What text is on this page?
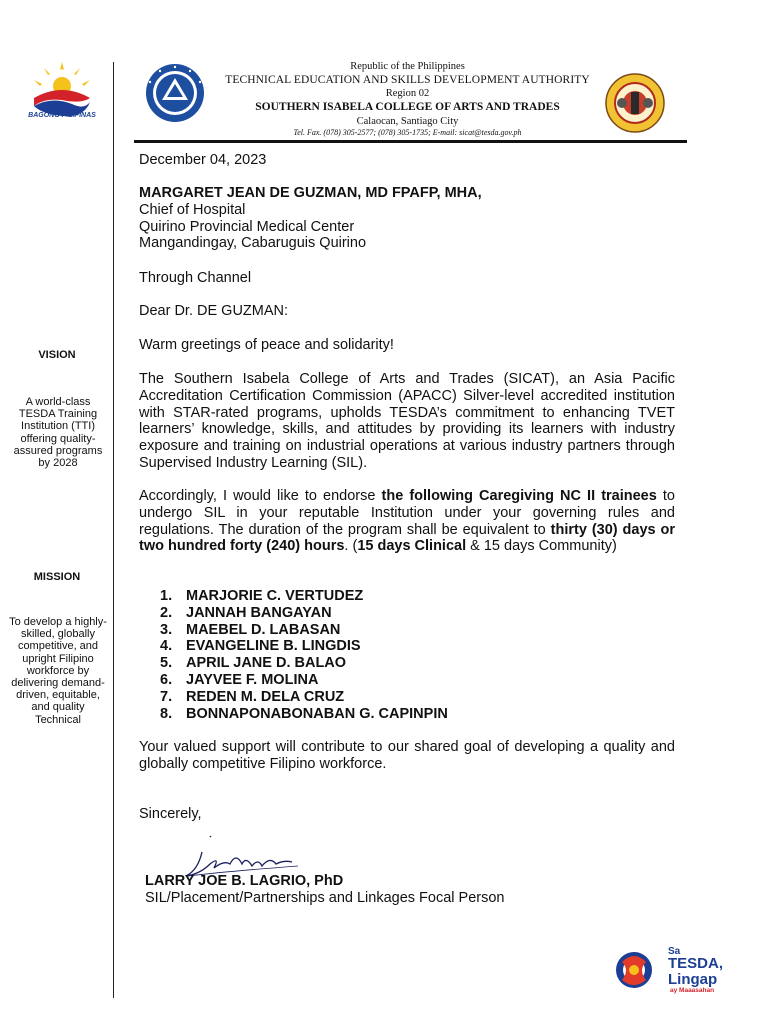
BAGONG PILIPINAS
Republic of the Philippines
TECHNICAL EDUCATION AND SKILLS DEVELOPMENT AUTHORITY
Region 02
SOUTHERN ISABELA COLLEGE OF ARTS AND TRADES
Calaocan, Santiago City
Tel. Fax. (078) 305-2577; (078) 305-1735; E-mail: sicat@tesda.gov.ph
VISION
A world-class TESDA Training Institution (TTI) offering quality-assured programs by 2028
MISSION
To develop a highly-skilled, globally competitive, and upright Filipino workforce by delivering demand-driven, equitable, and quality Technical
December 04, 2023
MARGARET JEAN DE GUZMAN, MD FPAFP, MHA,
Chief of Hospital
Quirino Provincial Medical Center
Mangandingay, Cabaruguis Quirino
Through Channel
Dear Dr. DE GUZMAN:
Warm greetings of peace and solidarity!
The Southern Isabela College of Arts and Trades (SICAT), an Asia Pacific Accreditation Certification Commission (APACC) Silver-level accredited institution with STAR-rated programs, upholds TESDA’s commitment to enhancing TVET learners’ knowledge, skills, and attitudes by providing its learners with industry exposure and training on industrial operations at various industry partners through Supervised Industry Learning (SIL).
Accordingly, I would like to endorse the following Caregiving NC II trainees to undergo SIL in your reputable Institution under your governing rules and regulations. The duration of the program shall be equivalent to thirty (30) days or two hundred forty (240) hours. (15 days Clinical & 15 days Community)
1. MARJORIE C. VERTUDEZ
2. JANNAH BANGAYAN
3. MAEBEL D. LABASAN
4. EVANGELINE B. LINGDIS
5. APRIL JANE D. BALAO
6. JAYVEE F. MOLINA
7. REDEN M. DELA CRUZ
8. BONNAPONABONABAN G. CAPINPIN
Your valued support will contribute to our shared goal of developing a quality and globally competitive Filipino workforce.
Sincerely,
LARRY JOE B. LAGRIO, PhD
SIL/Placement/Partnerships and Linkages Focal Person
Sa
TESDA,
Lingap
ay Maaasahan
